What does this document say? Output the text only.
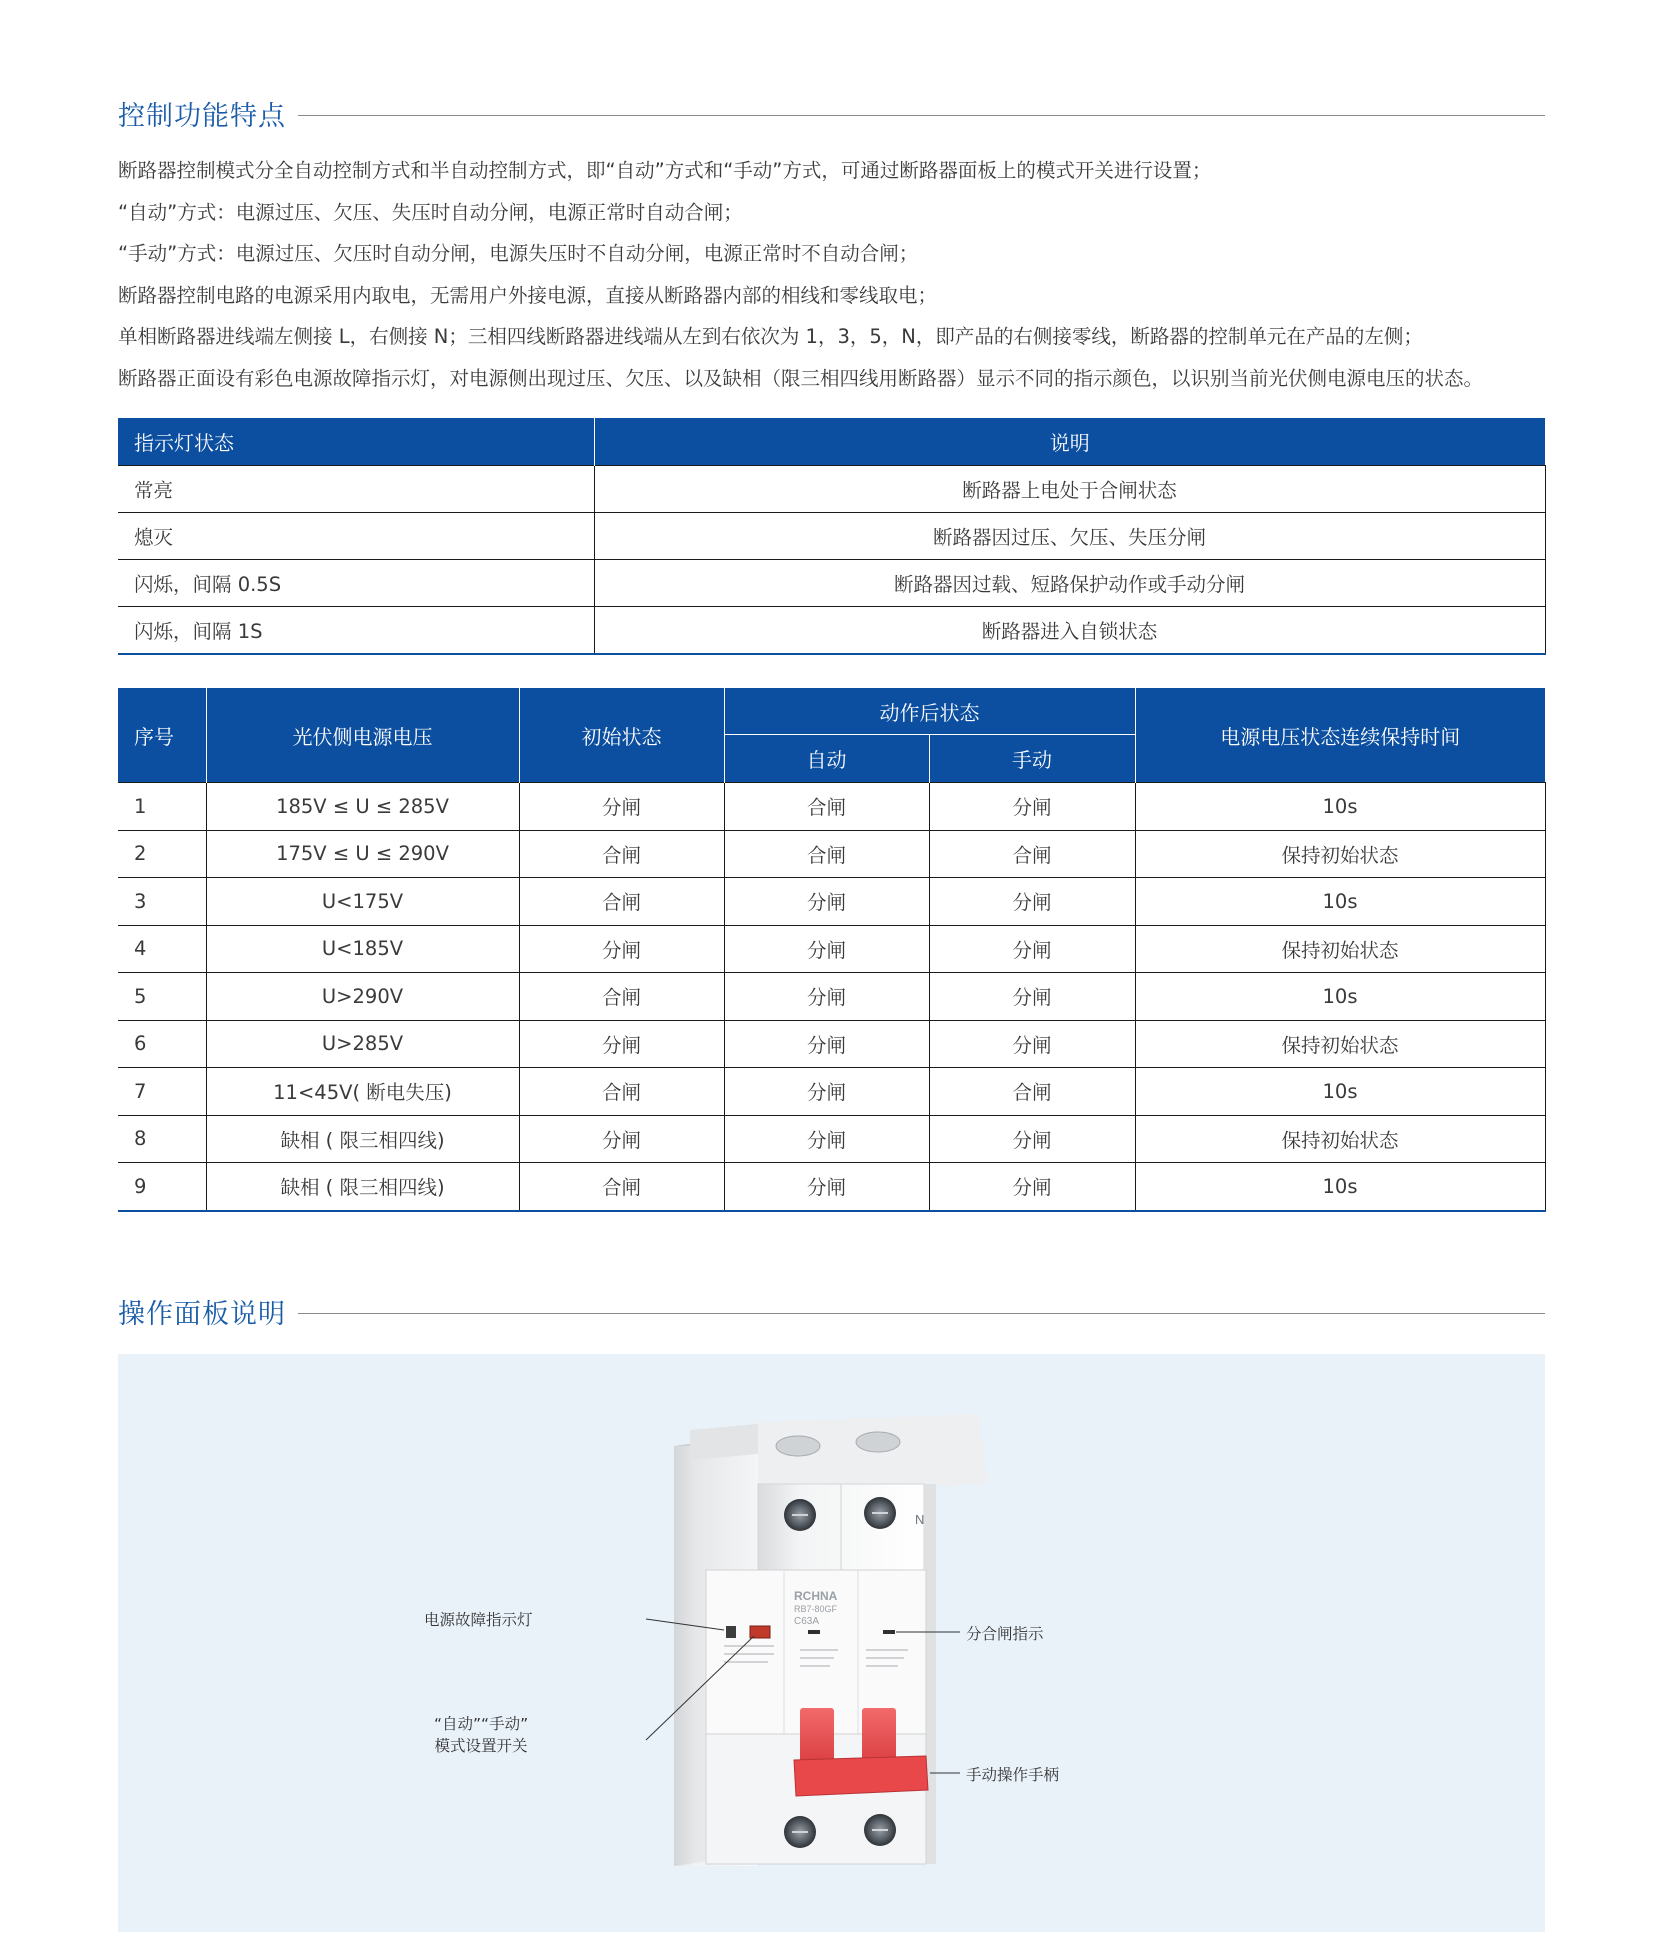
控制功能特点

断路器控制模式分全自动控制方式和半自动控制方式，即“自动”方式和“手动”方式，可通过断路器面板上的模式开关进行设置；

“自动”方式：电源过压、欠压、失压时自动分闸，电源正常时自动合闸；

“手动”方式：电源过压、欠压时自动分闸，电源失压时不自动分闸，电源正常时不自动合闸；

断路器控制电路的电源采用内取电，无需用户外接电源，直接从断路器内部的相线和零线取电；

单相断路器进线端左侧接 L，右侧接 N；三相四线断路器进线端从左到右依次为 1，3，5，N，即产品的右侧接零线，断路器的控制单元在产品的左侧；

断路器正面设有彩色电源故障指示灯，对电源侧出现过压、欠压、以及缺相（限三相四线用断路器）显示不同的指示颜色，以识别当前光伏侧电源电压的状态。

指示灯状态	说明
常亮	断路器上电处于合闸状态
熄灭	断路器因过压、欠压、失压分闸
闪烁，间隔 0.5S	断路器因过载、短路保护动作或手动分闸
闪烁，间隔 1S	断路器进入自锁状态
序号	光伏侧电源电压	初始状态	动作后状态		电源电压状态连续保持时间
			自动	手动	
1	185V ≤ U ≤ 285V	分闸	合闸	分闸	10s
2	175V ≤ U ≤ 290V	合闸	合闸	合闸	保持初始状态
3	U<175V	合闸	分闸	分闸	10s
4	U<185V	分闸	分闸	分闸	保持初始状态
5	U>290V	合闸	分闸	分闸	10s
6	U>285V	分闸	分闸	分闸	保持初始状态
7	11<45V( 断电失压)	合闸	分闸	合闸	10s
8	缺相 ( 限三相四线)	分闸	分闸	分闸	保持初始状态
9	缺相 ( 限三相四线)	合闸	分闸	分闸	10s
操作面板说明
N
RCHNA
RB7-80GF
C63A
电源故障指示灯
“自动”“手动”
模式设置开关
分合闸指示
手动操作手柄
